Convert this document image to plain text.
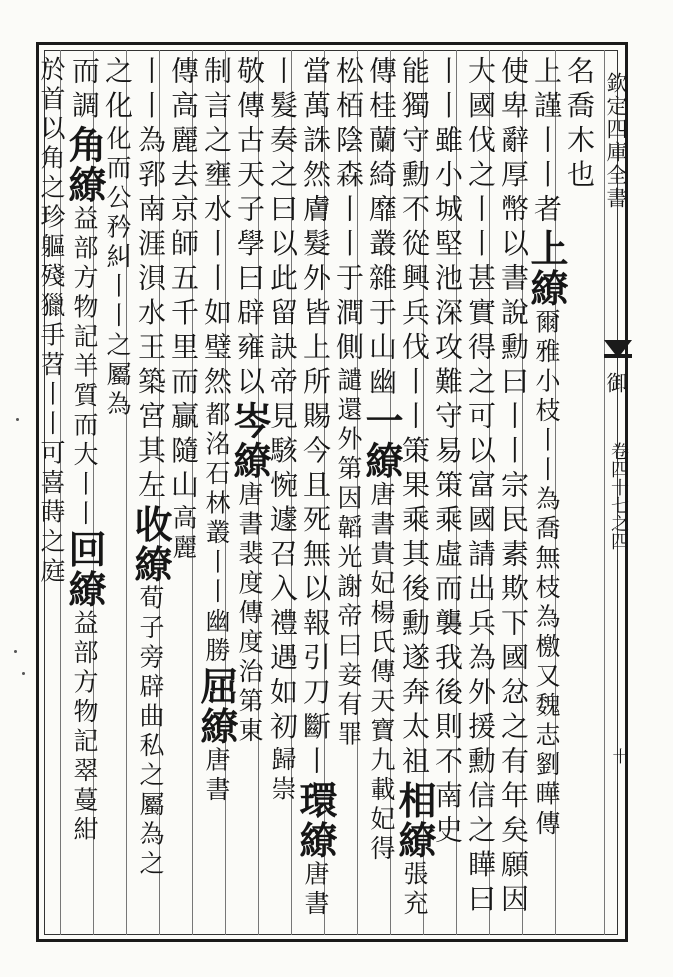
欽定四庫全書
御
卷四十七之四
十
名喬木也
上謹丨丨者上繚爾雅小枝丨丨為喬無枝為檄又魏志劉曄傳
使卑辭厚幣以書說勳曰丨丨宗民素欺下國忿之有年矣願因
大國伐之丨丨甚實得之可以富國請出兵為外援勳信之瞱曰
丨丨雖小城堅池深攻難守易策乘虛而襲我後則不南史
能獨守勳不從興兵伐丨丨策果乘其後勳遂奔太祖相繚張充
傳桂蘭綺靡叢雜于山幽一繚唐書貴妃楊氏傳天寶九載妃得
松栢陰森丨丨于澗側譴還外第因韜光謝帝曰妾有罪
當萬誅然膚髮外皆上所賜今且死無以報引刀斷丨環繚唐書
丨髮奏之曰以此留訣帝見駭惋遽召入禮遇如初歸崇
敬傳古天子學曰辟雍以岑繚唐書裴度傳度治第東
制言之壅水丨丨如璧然都洺石林叢丨丨幽勝屈繚唐書
傳高麗去京師五千里而贏隨山高麗
丨丨為郛南涯浿水王築宮其左收繚荀子旁辟曲私之屬為之
之化化而公矜糾丨丨之屬為
而調角繚益部方物記羊質而大丨丨回繚益部方物記翠蔓紺
於首以角之珍軀殘獵手苕丨丨可喜蒔之庭
